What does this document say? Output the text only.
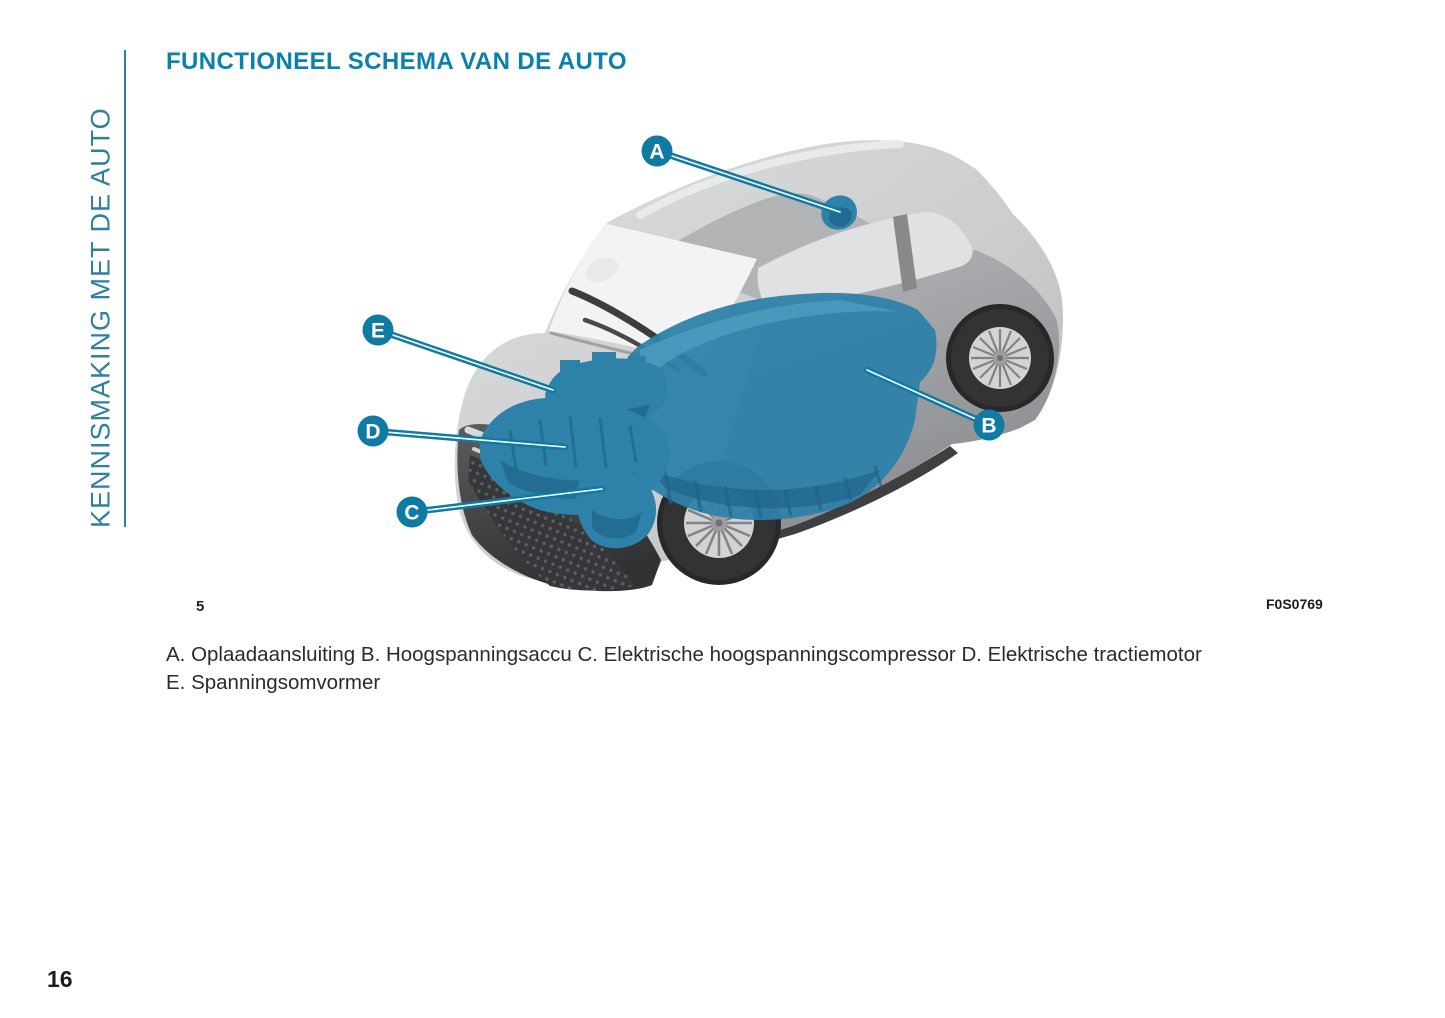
KENNISMAKING MET DE AUTO
FUNCTIONEEL SCHEMA VAN DE AUTO
A
B
C
D
E
5	F0S0769

A. Oplaadaansluiting B. Hoogspanningsaccu C. Elektrische hoogspanningscompressor D. Elektrische tractiemotor E. Spanningsomvormer

16
